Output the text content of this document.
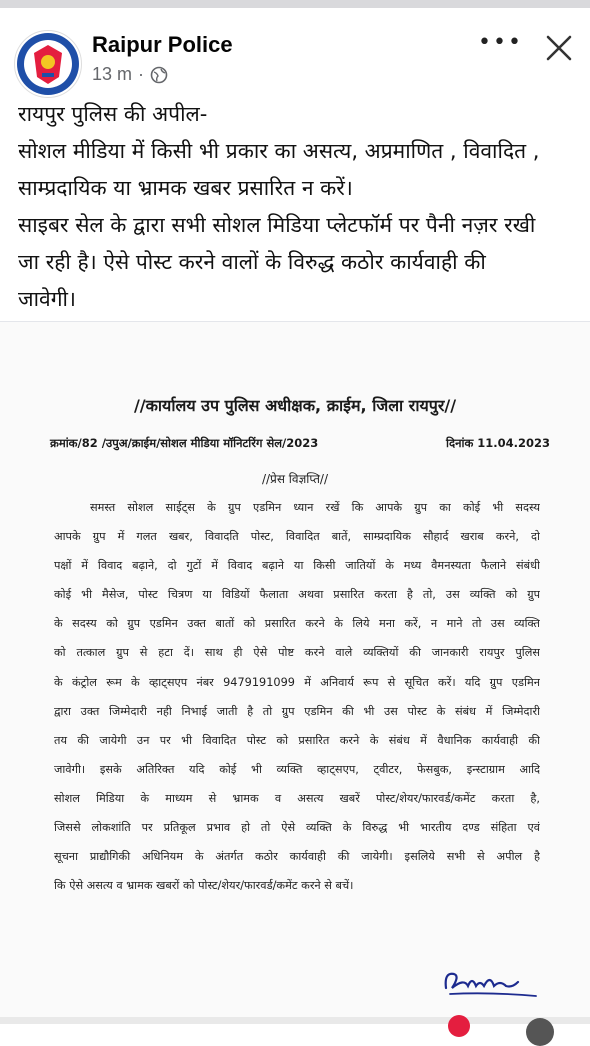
Raipur Police
13 m ·
•••
रायपुर पुलिस की अपील-
सोशल मीडिया में किसी भी प्रकार का असत्य, अप्रमाणित , विवादित ,
साम्प्रदायिक या भ्रामक खबर प्रसारित न करें।
साइबर सेल के द्वारा सभी सोशल मिडिया प्लेटफॉर्म पर पैनी नज़र रखी
जा रही है। ऐसे पोस्ट करने वालों के विरुद्ध कठोर कार्यवाही की
जावेगी।
//कार्यालय उप पुलिस अधीक्षक, क्राईम, जिला रायपुर//
क्रमांक/82 /उपुअ/क्राईम/सोशल मीडिया मॉनिटरिंग सेल/2023	दिनांक 11.04.2023
//प्रेस विज्ञप्ति//
समस्त सोशल साईट्स के ग्रुप एडमिन ध्यान रखें कि आपके ग्रुप का कोई भी सदस्य
आपके ग्रुप में गलत खबर, विवादति पोस्ट, विवादित बातें, साम्प्रदायिक सौहार्द खराब करने, दो
पक्षों में विवाद बढ़ाने, दो गुटों में विवाद बढ़ाने या किसी जातियों के मध्य वैमनस्यता फैलाने संबंधी
कोई भी मैसेज, पोस्ट चित्रण या विडियों फैलाता अथवा प्रसारित करता है तो, उस व्यक्ति को ग्रुप
के सदस्य को ग्रुप एडमिन उक्त बातों को प्रसारित करने के लिये मना करें, न माने तो उस व्यक्ति
को तत्काल ग्रुप से हटा दें। साथ ही ऐसे पोष्ट करने वाले व्यक्तियों की जानकारी रायपुर पुलिस
के कंट्रोल रूम के व्हाट्सएप नंबर 9479191099 में अनिवार्य रूप से सूचित करें। यदि ग्रुप एडमिन
द्वारा उक्त जिम्मेदारी नही निभाई जाती है तो ग्रुप एडमिन की भी उस पोस्ट के संबंध में जिम्मेदारी
तय की जायेगी उन पर भी विवादित पोस्ट को प्रसारित करने के संबंध में वैधानिक कार्यवाही की
जावेगी। इसके अतिरिक्त यदि कोई भी व्यक्ति व्हाट्सएप, ट्वीटर, फेसबुक, इन्स्टाग्राम आदि
सोशल मिडिया के माध्यम से भ्रामक व असत्य खबरें पोस्ट/शेयर/फारवर्ड/कमेंट करता है,
जिससे लोकशांति पर प्रतिकूल प्रभाव हो तो ऐसे व्यक्ति के विरुद्ध भी भारतीय दण्ड संहिता एवं
सूचना प्राद्यौगिकी अधिनियम के अंतर्गत कठोर कार्यवाही की जायेगी। इसलिये सभी से अपील है
कि ऐसे असत्य व भ्रामक खबरों को पोस्ट/शेयर/फारवर्ड/कमेंट करने से बचें।
